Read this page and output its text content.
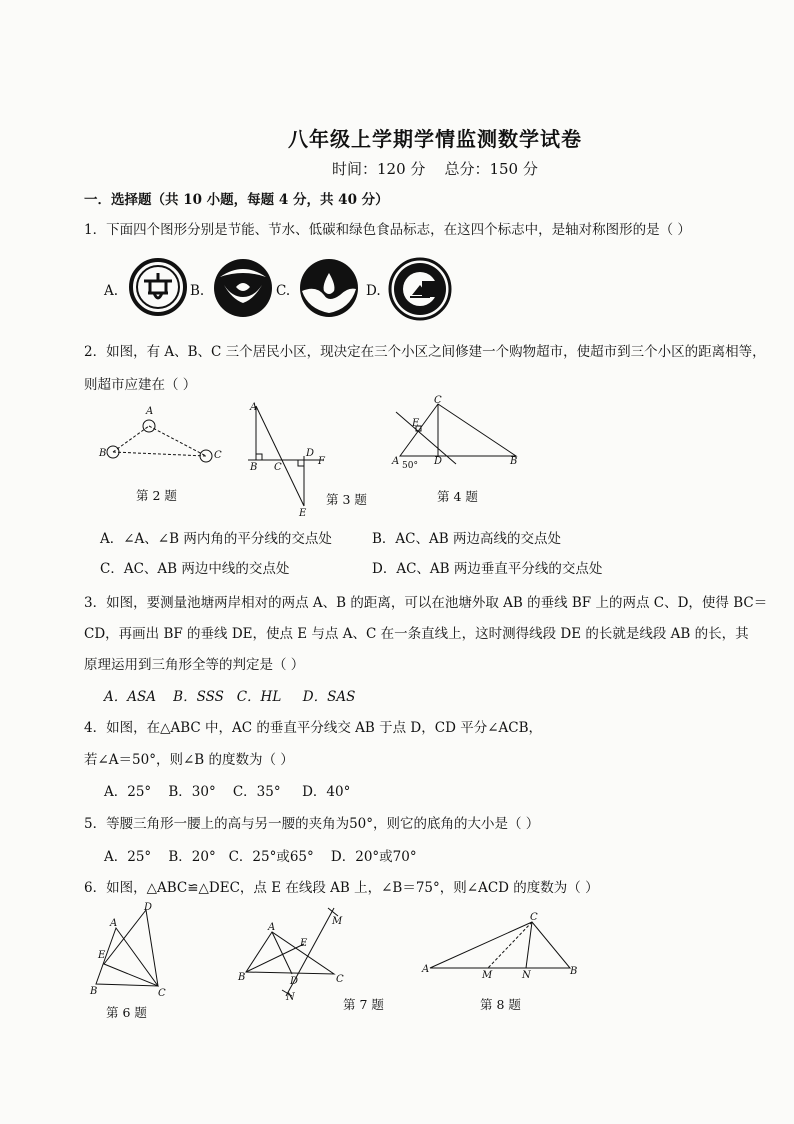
八年级上学期学情监测数学试卷
时间：120 分    总分：150 分
一．选择题（共 10 小题，每题 4 分，共 40 分）
1．下面四个图形分别是节能、节水、低碳和绿色食品标志，在这四个标志中，是轴对称图形的是（ ）
A.	B.	C.	D.
2．如图，有 A、B、C 三个居民小区，现决定在三个小区之间修建一个购物超市，使超市到三个小区的距离相等，
则超市应建在（ ）
A
B	C
第 2 题
A
B C
D
F
E
第 3 题
C
E
A	D	B
50°
第 4 题
A．∠A、∠B 两内角的平分线的交点处	B．AC、AB 两边高线的交点处
C．AC、AB 两边中线的交点处	D．AC、AB 两边垂直平分线的交点处
3．如图，要测量池塘两岸相对的两点 A、B 的距离，可以在池塘外取 AB 的垂线 BF 上的两点 C、D，使得 BC＝
CD，再画出 BF 的垂线 DE，使点 E 与点 A、C 在一条直线上，这时测得线段 DE 的长就是线段 AB 的长，其
原理运用到三角形全等的判定是（ ）
A．ASA    B．SSS   C．HL     D．SAS
4．如图，在△ABC 中，AC 的垂直平分线交 AB 于点 D，CD 平分∠ACB，
若∠A＝50°，则∠B 的度数为（ ）
A．25°    B．30°    C．35°     D．40°
5．等腰三角形一腰上的高与另一腰的夹角为50°，则它的底角的大小是（ ）
A．25°    B．20°   C．25°或65°    D．20°或70°
6．如图，△ABC≌△DEC，点 E 在线段 AB 上，∠B＝75°，则∠ACD 的度数为（ ）
A
D
E
B	C
第 6 题
A
E
B	D	C
M
N	第 7 题
C
A
M	N	B
第 8 题
